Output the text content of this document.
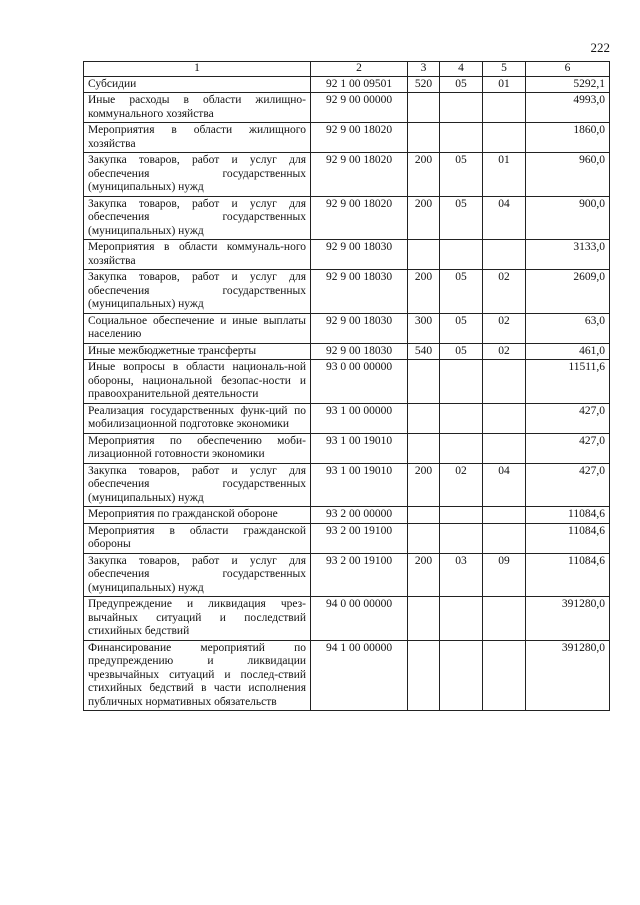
222
1	2	3	4	5	6
Субсидии	92 1 00 09501	520	05	01	5292,1
Иные расходы в области жилищно-коммунального хозяйства	92 9 00 00000				4993,0
Мероприятия в области жилищного хозяйства	92 9 00 18020				1860,0
Закупка товаров, работ и услуг для обеспечения государственных (муниципальных) нужд	92 9 00 18020	200	05	01	960,0
Закупка товаров, работ и услуг для обеспечения государственных (муниципальных) нужд	92 9 00 18020	200	05	04	900,0
Мероприятия в области коммуналь-ного хозяйства	92 9 00 18030				3133,0
Закупка товаров, работ и услуг для обеспечения государственных (муниципальных) нужд	92 9 00 18030	200	05	02	2609,0
Социальное обеспечение и иные выплаты населению	92 9 00 18030	300	05	02	63,0
Иные межбюджетные трансферты	92 9 00 18030	540	05	02	461,0
Иные вопросы в области националь-ной обороны, национальной безопас-ности и правоохранительной деятельности	93 0 00 00000				11511,6
Реализация государственных функ-ций по мобилизационной подготовке экономики	93 1 00 00000				427,0
Мероприятия по обеспечению моби-лизационной готовности экономики	93 1 00 19010				427,0
Закупка товаров, работ и услуг для обеспечения государственных (муниципальных) нужд	93 1 00 19010	200	02	04	427,0
Мероприятия по гражданской обороне	93 2 00 00000				11084,6
Мероприятия в области гражданской обороны	93 2 00 19100				11084,6
Закупка товаров, работ и услуг для обеспечения государственных (муниципальных) нужд	93 2 00 19100	200	03	09	11084,6
Предупреждение и ликвидация чрез-вычайных ситуаций и последствий стихийных бедствий	94 0 00 00000				391280,0
Финансирование мероприятий по предупреждению и ликвидации чрезвычайных ситуаций и послед-ствий стихийных бедствий в части исполнения публичных нормативных обязательств	94 1 00 00000				391280,0
